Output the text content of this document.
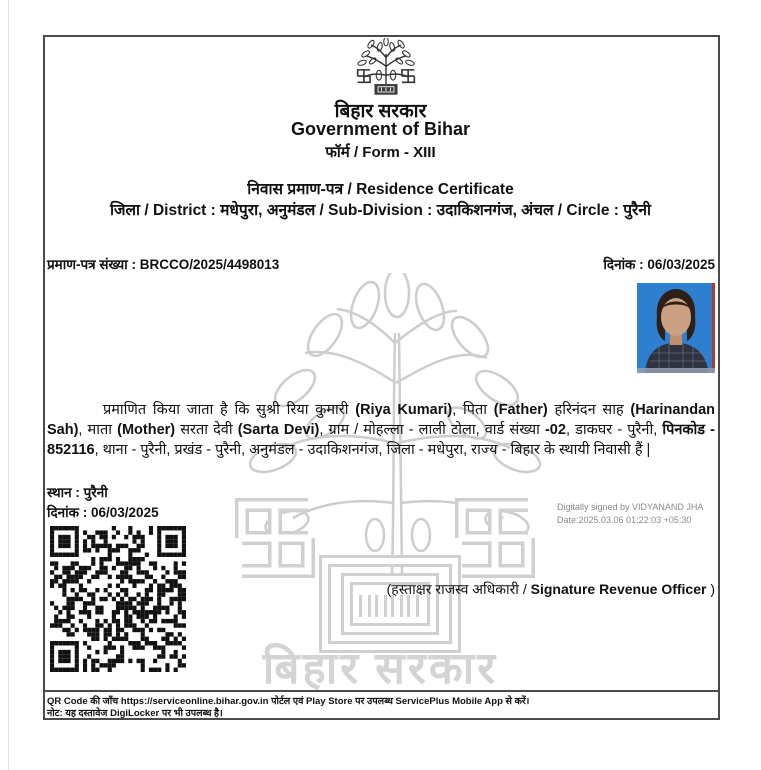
बिहार सरकार
बिहार सरकार
Government of Bihar
फॉर्म / Form - XIII
निवास प्रमाण-पत्र / Residence Certificate
जिला / District : मधेपुरा, अनुमंडल / Sub-Division : उदाकिशनगंज, अंचल / Circle : पुरैनी
प्रमाण-पत्र संख्या : BRCCO/2025/4498013	दिनांक : 06/03/2025
प्रमाणित किया जाता है कि सुश्री रिया कुमारी (Riya Kumari), पिता (Father) हरिनंदन साह (Harinandan Sah), माता (Mother) सरता देवी (Sarta Devi), ग्राम / मोहल्ला - लाली टोला, वार्ड संख्या -02, डाकघर - पुरैनी, पिनकोड - 852116, थाना - पुरैनी, प्रखंड - पुरैनी, अनुमंडल - उदाकिशनगंज, जिला - मधेपुरा, राज्य - बिहार के स्थायी निवासी हैं |
स्थान : पुरैनी
दिनांक : 06/03/2025	Digitally signed by VIDYANAND JHA
Date:2025.03.06 01:22:03 +05:30
(हस्ताक्षर राजस्व अधिकारी / Signature Revenue Officer )
QR Code की जाँच https://serviceonline.bihar.gov.in पोर्टल एवं Play Store पर उपलब्ध ServicePlus Mobile App से करें।
नोट: यह दस्तावेज DigiLocker पर भी उपलब्ध है।
